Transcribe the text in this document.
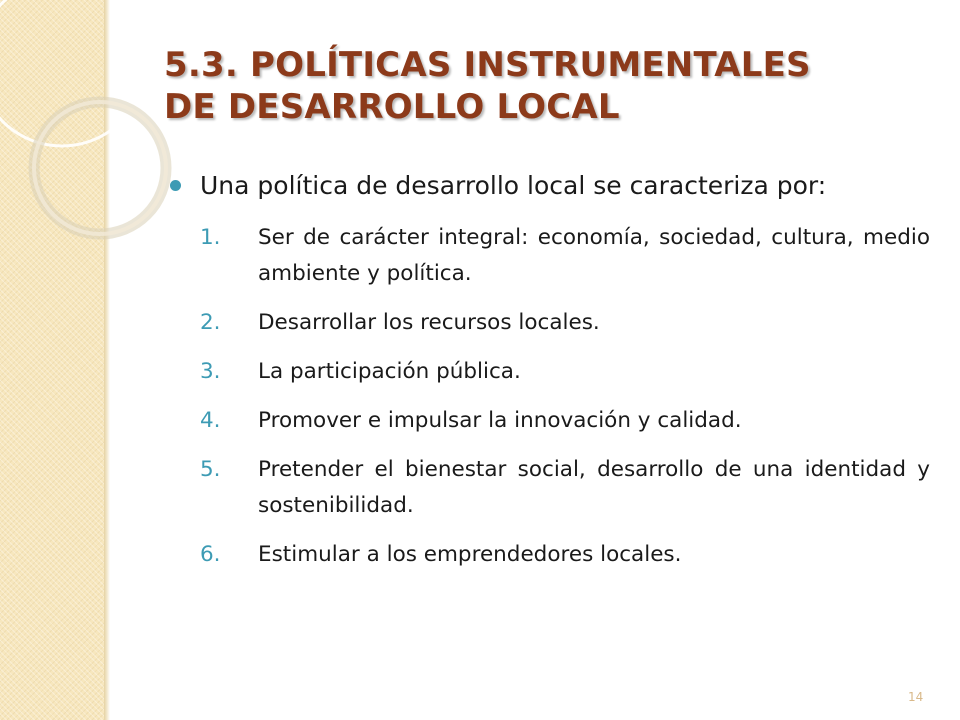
5.3. POLÍTICAS INSTRUMENTALES
DE DESARROLLO LOCAL
Una política de desarrollo local se caracteriza por:
1. Ser de carácter integral: economía, sociedad, cultura, medio ambiente y política.
2. Desarrollar los recursos locales.
3. La participación pública.
4. Promover e impulsar la innovación y calidad.
5. Pretender el bienestar social, desarrollo de una identidad y sostenibilidad.
6. Estimular a los emprendedores locales.
14
